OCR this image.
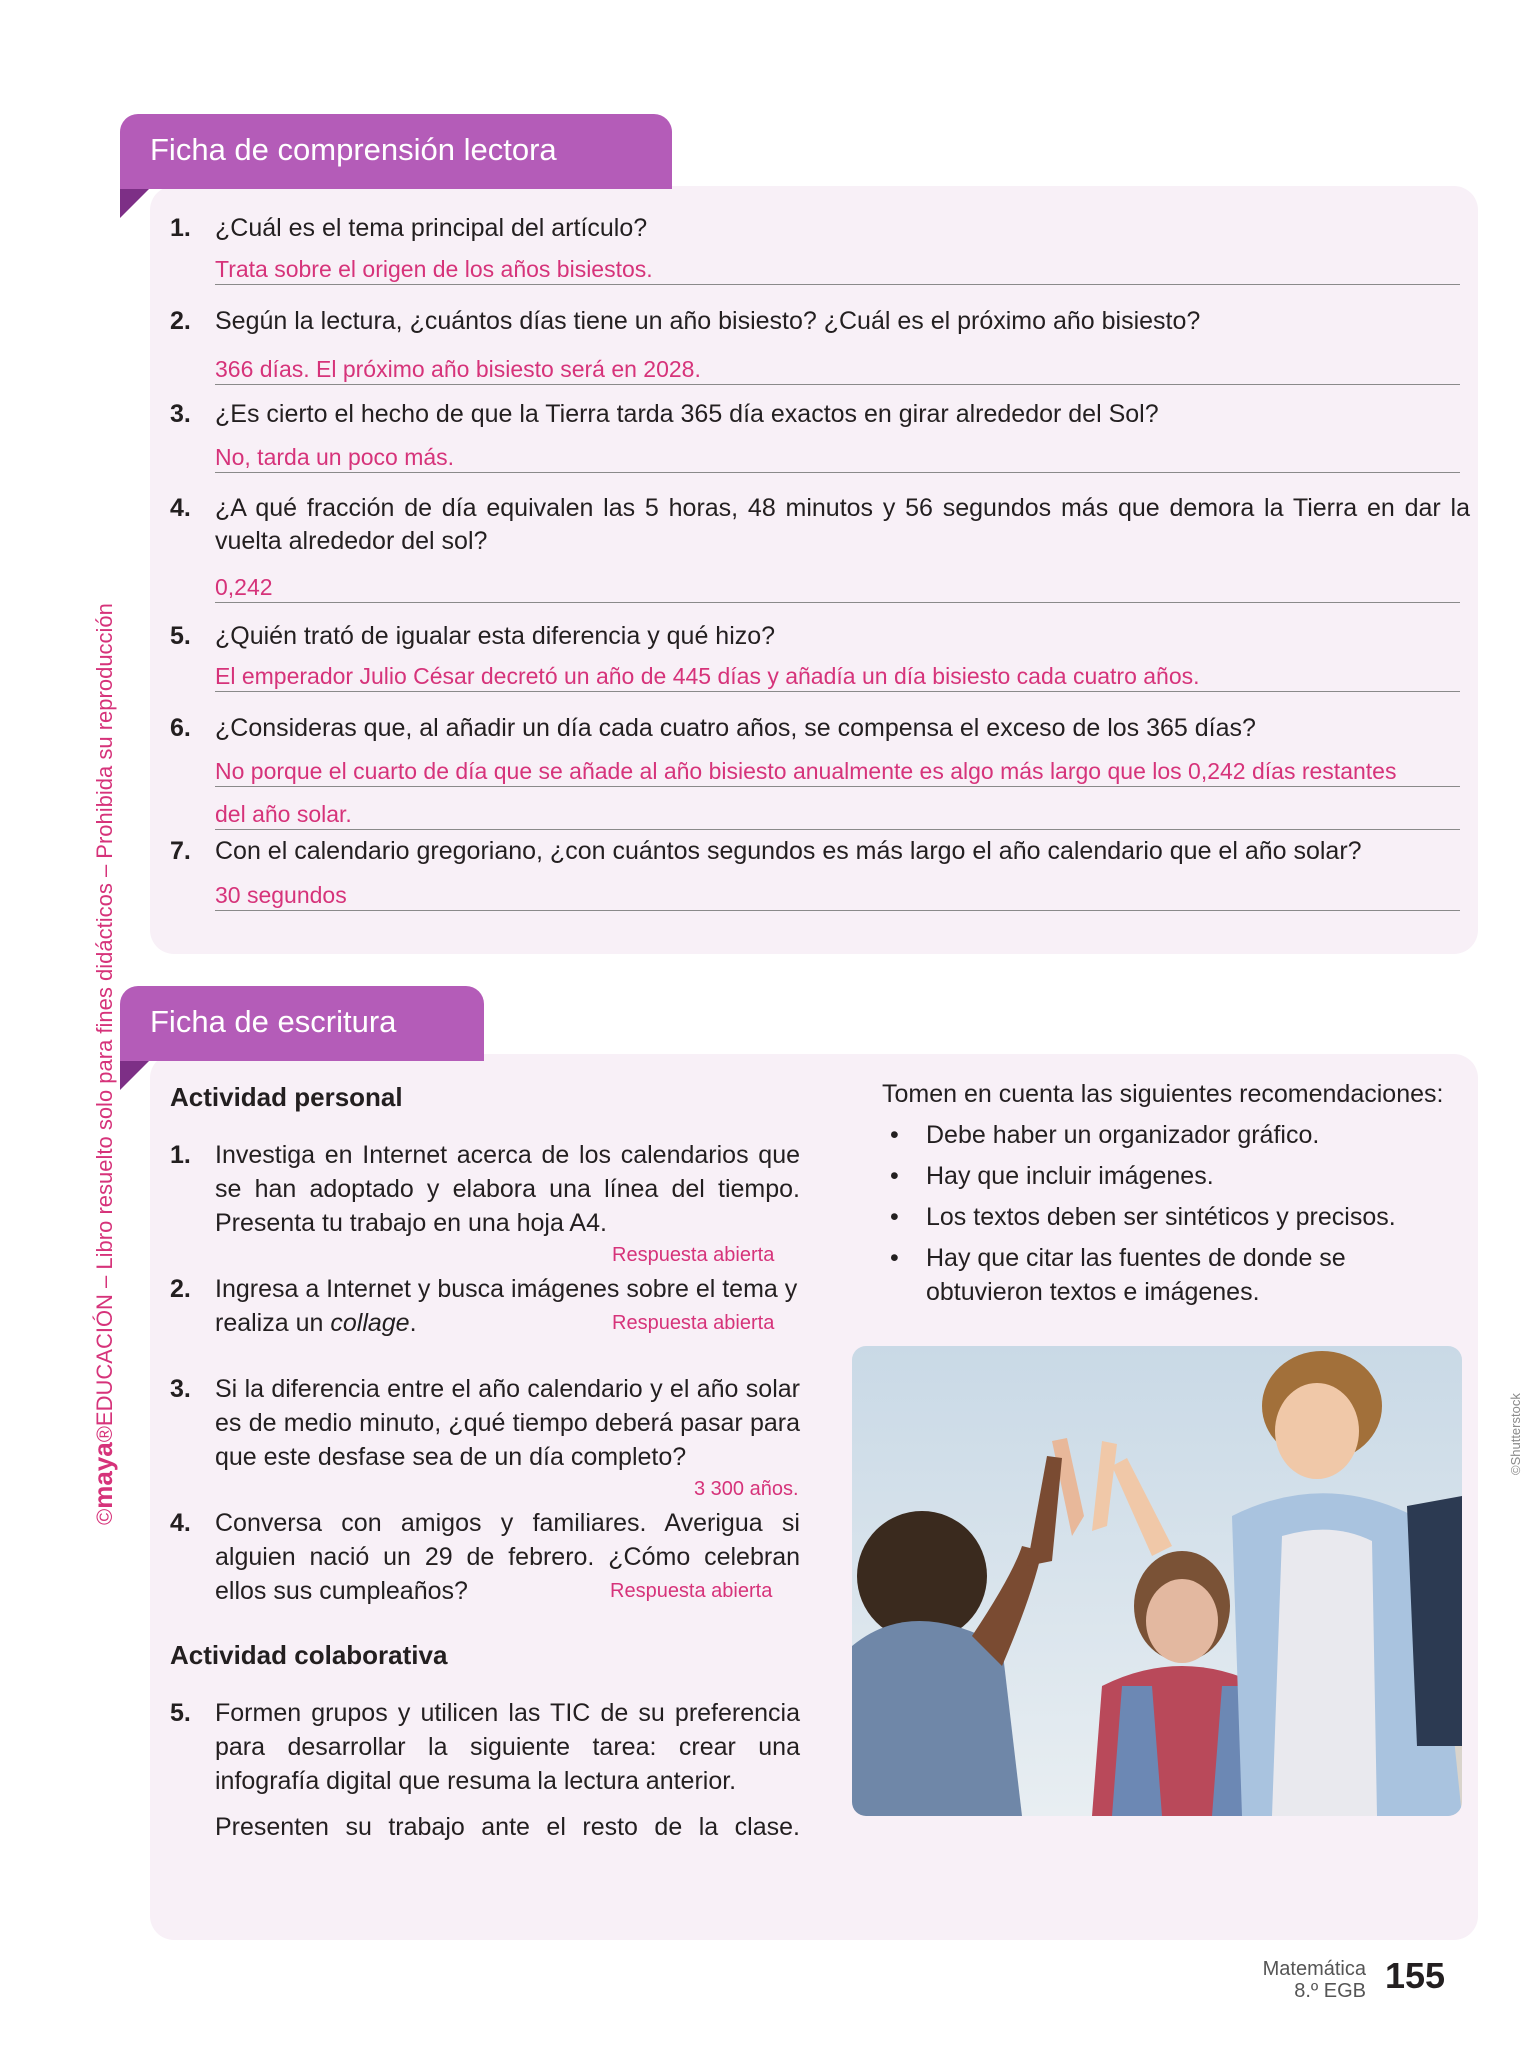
©maya®EDUCACIÓN – Libro resuelto solo para fines didácticos – Prohibida su reproducción
Ficha de comprensión lectora
1. ¿Cuál es el tema principal del artículo?
Trata sobre el origen de los años bisiestos.
2. Según la lectura, ¿cuántos días tiene un año bisiesto? ¿Cuál es el próximo año bisiesto?
366 días. El próximo año bisiesto será en 2028.
3. ¿Es cierto el hecho de que la Tierra tarda 365 día exactos en girar alrededor del Sol?
No, tarda un poco más.
4. ¿A qué fracción de día equivalen las 5 horas, 48 minutos y 56 segundos más que demora la Tierra en dar la vuelta alrededor del sol?
0,242
5. ¿Quién trató de igualar esta diferencia y qué hizo?
El emperador Julio César decretó un año de 445 días y añadía un día bisiesto cada cuatro años.
6. ¿Consideras que, al añadir un día cada cuatro años, se compensa el exceso de los 365 días?
No porque el cuarto de día que se añade al año bisiesto anualmente es algo más largo que los 0,242 días restantes
del año solar.
7. Con el calendario gregoriano, ¿con cuántos segundos es más largo el año calendario que el año solar?
30 segundos
Ficha de escritura
Actividad personal
1. Investiga en Internet acerca de los calendarios que se han adoptado y elabora una línea del tiempo. Presenta tu trabajo en una hoja A4.
Respuesta abierta
2. Ingresa a Internet y busca imágenes sobre el tema y realiza un collage.	Respuesta abierta
3. Si la diferencia entre el año calendario y el año solar es de medio minuto, ¿qué tiempo deberá pasar para que este desfase sea de un día completo?
3 300 años.
4. Conversa con amigos y familiares. Averigua si alguien nació un 29 de febrero. ¿Cómo celebran ellos sus cumpleaños?	Respuesta abierta
Actividad colaborativa
5. Formen grupos y utilicen las TIC de su preferencia para desarrollar la siguiente tarea: crear una infografía digital que resuma la lectura anterior.
Presenten su trabajo ante el resto de la clase.
Tomen en cuenta las siguientes recomendaciones:
• Debe haber un organizador gráfico.
• Hay que incluir imágenes.
• Los textos deben ser sintéticos y precisos.
• Hay que citar las fuentes de donde se obtuvieron textos e imágenes.
©Shutterstock
Matemática
8.º EGB 155
